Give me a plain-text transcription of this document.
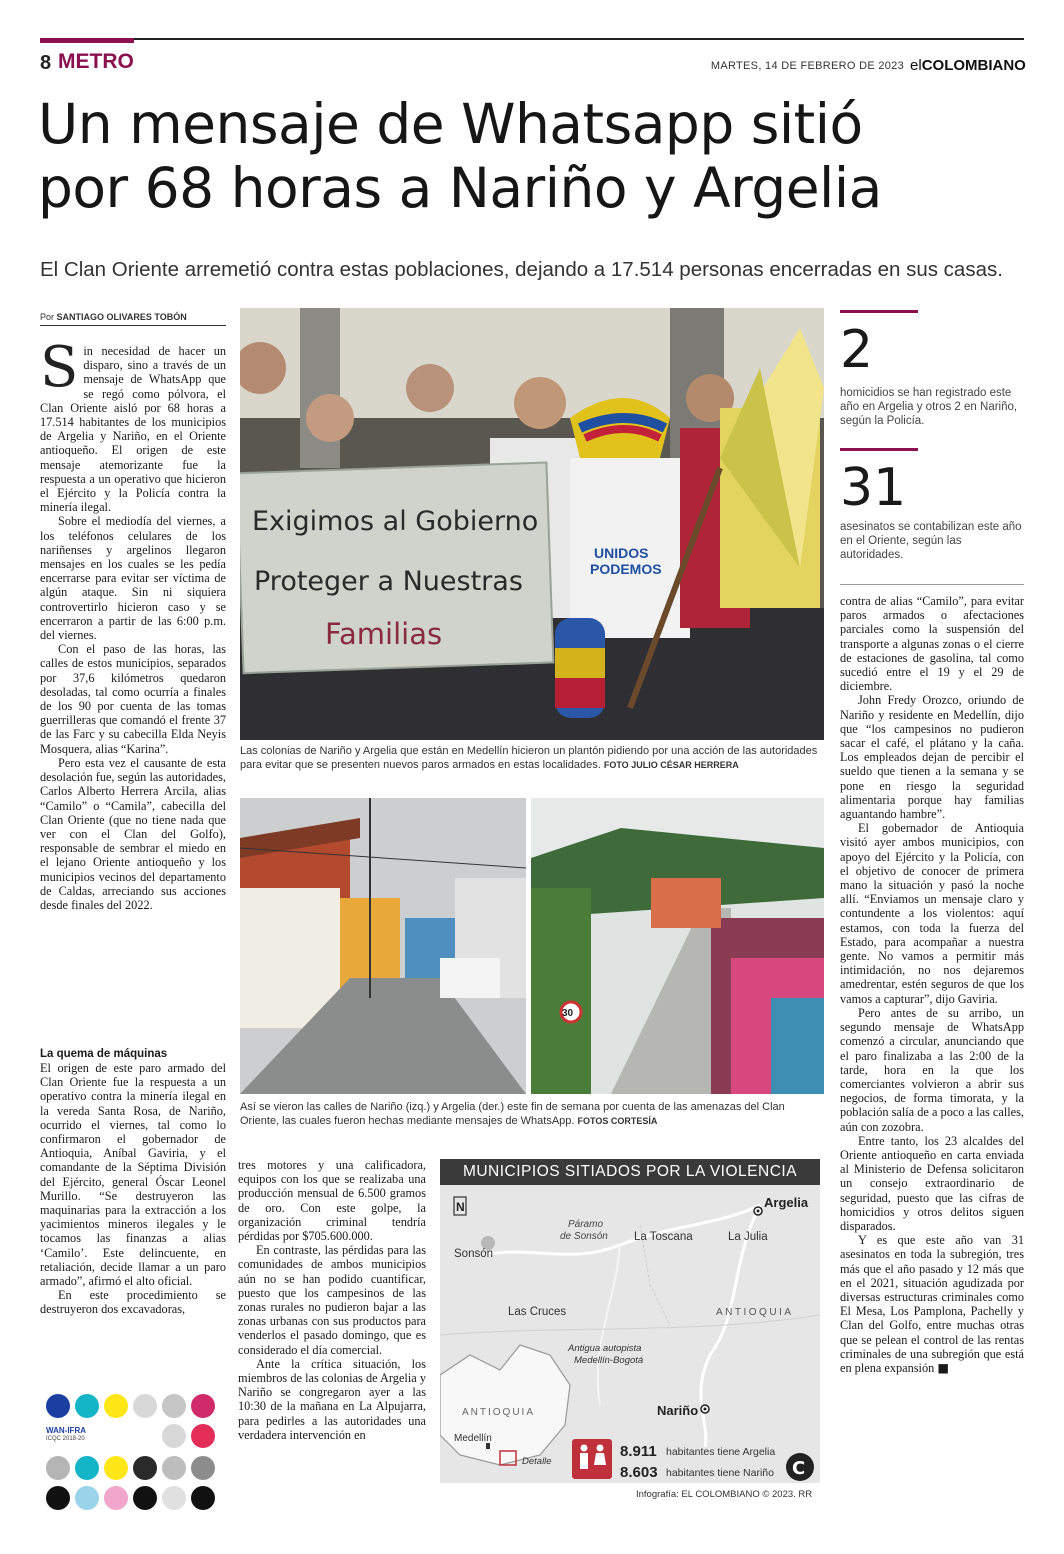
8 METRO	MARTES, 14 DE FEBRERO DE 2023 elCOLOMBIANO
Un mensaje de Whatsapp sitió
por 68 horas a Nariño y Argelia
El Clan Oriente arremetió contra estas poblaciones, dejando a 17.514 personas encerradas en sus casas.
Por SANTIAGO OLIVARES TOBÓN

Sin necesidad de hacer un disparo, sino a través de un mensaje de WhatsApp que se regó como pólvora, el Clan Oriente aisló por 68 horas a 17.514 habitantes de los municipios de Argelia y Nariño, en el Oriente antioqueño. El origen de este mensaje atemorizante fue la respuesta a un operativo que hicieron el Ejército y la Policía contra la minería ilegal.

Sobre el mediodía del viernes, a los teléfonos celulares de los nariñenses y argelinos llegaron mensajes en los cuales se les pedía encerrarse para evitar ser víctima de algún ataque. Sin ni siquiera controvertirlo hicieron caso y se encerraron a partir de las 6:00 p.m. del viernes.

Con el paso de las horas, las calles de estos municipios, separados por 37,6 kilómetros quedaron desoladas, tal como ocurría a finales de los 90 por cuenta de las tomas guerrilleras que comandó el frente 37 de las Farc y su cabecilla Elda Neyis Mosquera, alias “Karina”.

Pero esta vez el causante de esta desolación fue, según las autoridades, Carlos Alberto Herrera Arcila, alias “Camilo” o “Camila”, cabecilla del Clan Oriente (que no tiene nada que ver con el Clan del Golfo), responsable de sembrar el miedo en el lejano Oriente antioqueño y los municipios vecinos del departamento de Caldas, arreciando sus acciones desde finales del 2022.

La quema de máquinas

El origen de este paro armado del Clan Oriente fue la respuesta a un operativo contra la minería ilegal en la vereda Santa Rosa, de Nariño, ocurrido el viernes, tal como lo confirmaron el gobernador de Antioquia, Aníbal Gaviria, y el comandante de la Séptima División del Ejército, general Óscar Leonel Murillo. “Se destruyeron las maquinarias para la extracción a los yacimientos mineros ilegales y le tocamos las finanzas a alias ‘Camilo’. Este delincuente, en retaliación, decide llamar a un paro armado”, afirmó el alto oficial.

En este procedimiento se destruyeron dos excavadoras,

Exigimos al Gobierno
Proteger a Nuestras
Familias
UNIDOS
PODEMOS
Las colonias de Nariño y Argelia que están en Medellín hicieron un plantón pidiendo por una acción de las autoridades para evitar que se presenten nuevos paros armados en estas localidades. FOTO JULIO CÉSAR HERRERA
30
Así se vieron las calles de Nariño (izq.) y Argelia (der.) este fin de semana por cuenta de las amenazas del Clan Oriente, las cuales fueron hechas mediante mensajes de WhatsApp. FOTOS CORTESÍA
2
homicidios se han registrado este año en Argelia y otros 2 en Nariño, según la Policía.
31
asesinatos se contabilizan este año en el Oriente, según las autoridades.

contra de alias “Camilo”, para evitar paros armados o afectaciones parciales como la suspensión del transporte a algunas zonas o el cierre de estaciones de gasolina, tal como sucedió entre el 19 y el 29 de diciembre.

John Fredy Orozco, oriundo de Nariño y residente en Medellín, dijo que “los campesinos no pudieron sacar el café, el plátano y la caña. Los empleados dejan de percibir el sueldo que tienen a la semana y se pone en riesgo la seguridad alimentaria porque hay familias aguantando hambre”.

El gobernador de Antioquia visitó ayer ambos municipios, con apoyo del Ejército y la Policía, con el objetivo de conocer de primera mano la situación y pasó la noche allí. “Enviamos un mensaje claro y contundente a los violentos: aquí estamos, con toda la fuerza del Estado, para acompañar a nuestra gente. No vamos a permitir más intimidación, no nos dejaremos amedrentar, estén seguros de que los vamos a capturar”, dijo Gaviria.

Pero antes de su arribo, un segundo mensaje de WhatsApp comenzó a circular, anunciando que el paro finalizaba a las 2:00 de la tarde, hora en la que los comerciantes volvieron a abrir sus negocios, de forma timorata, y la población salía de a poco a las calles, aún con zozobra.

Entre tanto, los 23 alcaldes del Oriente antioqueño en carta enviada al Ministerio de Defensa solicitaron un consejo extraordinario de seguridad, puesto que las cifras de homicidios y otros delitos siguen disparados.

Y es que este año van 31 asesinatos en toda la subregión, tres más que el año pasado y 12 más que en el 2021, situación agudizada por diversas estructuras criminales como El Mesa, Los Pamplona, Pachelly y Clan del Golfo, entre muchas otras que se pelean el control de las rentas criminales de una subregión que está en plena expansión ■

tres motores y una calificadora, equipos con los que se realizaba una producción mensual de 6.500 gramos de oro. Con este golpe, la organización criminal tendría pérdidas por $705.600.000.

En contraste, las pérdidas para las comunidades de ambos municipios aún no se han podido cuantificar, puesto que los campesinos de las zonas rurales no pudieron bajar a las zonas urbanas con sus productos para venderlos el pasado domingo, que es considerado el día comercial.

Ante la crítica situación, los miembros de las colonias de Argelia y Nariño se congregaron ayer a las 10:30 de la mañana en La Alpujarra, para pedirles a las autoridades una verdadera intervención en

MUNICIPIOS SITIADOS POR LA VIOLENCIA
N	Argelia
Páramo
de Sonsón La Toscana	La Julia
Sonsón
Las Cruces	ANTIOQUIA
Antigua autopista
Medellín-Bogotá
Nariño
ANTIOQUIA
Medellín
Detalle
8.911 habitantes tiene Argelia
8.603 habitantes tiene Nariño C
Infografía: EL COLOMBIANO © 2023. RR
WAN-IFRA
ICQC 2018-20
